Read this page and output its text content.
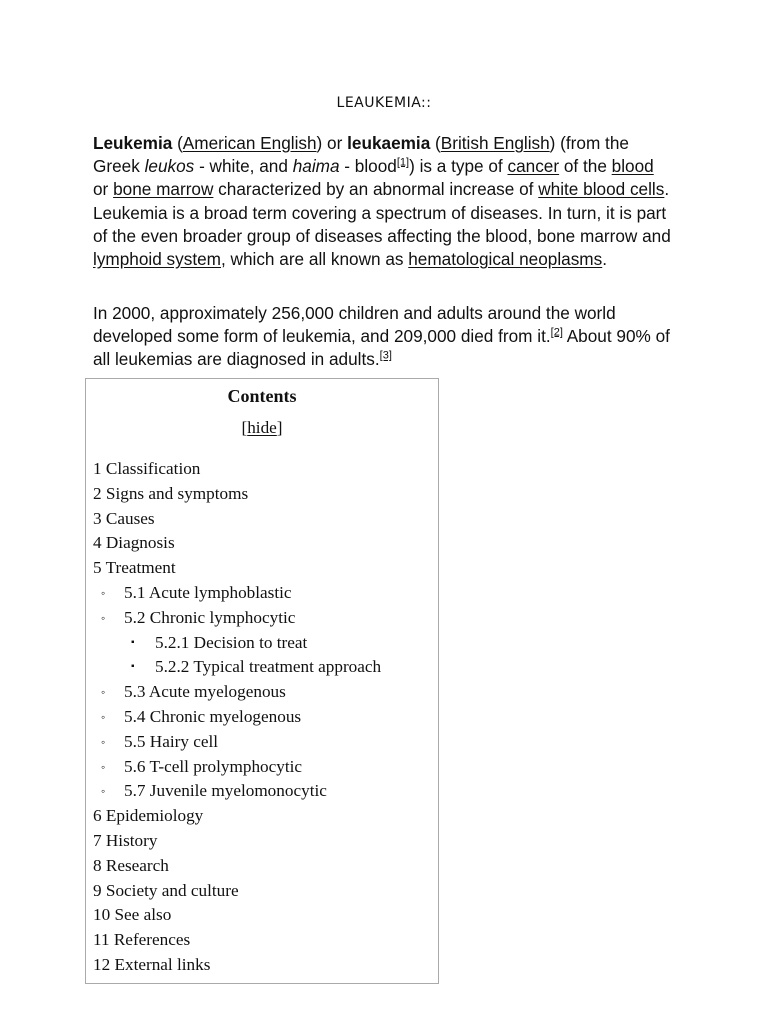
LEAUKEMIA::

Leukemia (American English) or leukaemia (British English) (from the Greek leukos - white, and haima - blood[1]) is a type of cancer of the blood or bone marrow characterized by an abnormal increase of white blood cells. Leukemia is a broad term covering a spectrum of diseases. In turn, it is part of the even broader group of diseases affecting the blood, bone marrow and lymphoid system, which are all known as hematological neoplasms.

In 2000, approximately 256,000 children and adults around the world developed some form of leukemia, and 209,000 died from it.[2] About 90% of all leukemias are diagnosed in adults.[3]

Contents
[hide]
1 Classification
2 Signs and symptoms
3 Causes
4 Diagnosis
5 Treatment
◦ 5.1 Acute lymphoblastic
◦ 5.2 Chronic lymphocytic
▪ 5.2.1 Decision to treat
▪ 5.2.2 Typical treatment approach
◦ 5.3 Acute myelogenous
◦ 5.4 Chronic myelogenous
◦ 5.5 Hairy cell
◦ 5.6 T-cell prolymphocytic
◦ 5.7 Juvenile myelomonocytic
6 Epidemiology
7 History
8 Research
9 Society and culture
10 See also
11 References
12 External links
